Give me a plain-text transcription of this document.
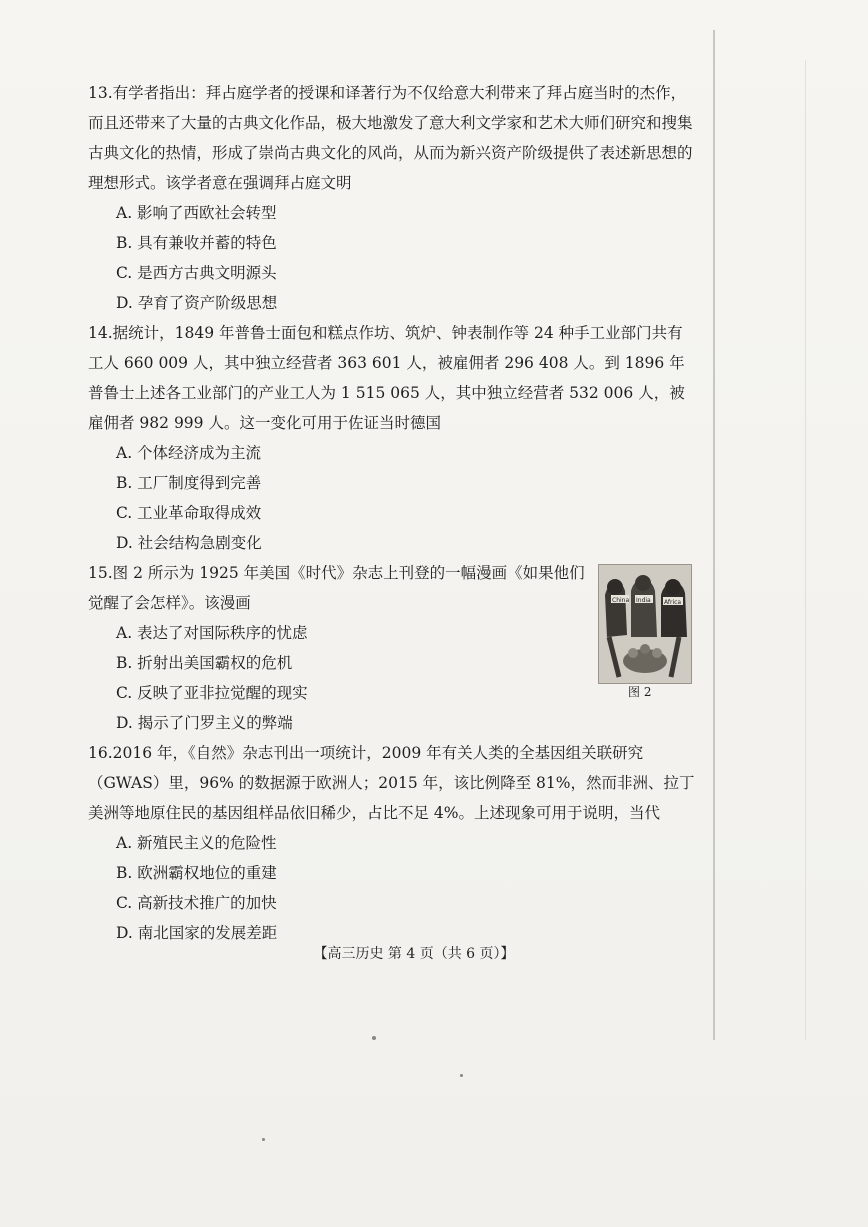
13.有学者指出：拜占庭学者的授课和译著行为不仅给意大利带来了拜占庭当时的杰作，而且还带来了大量的古典文化作品，极大地激发了意大利文学家和艺术大师们研究和搜集古典文化的热情，形成了崇尚古典文化的风尚，从而为新兴资产阶级提供了表述新思想的理想形式。该学者意在强调拜占庭文明

A. 影响了西欧社会转型
B. 具有兼收并蓄的特色
C. 是西方古典文明源头
D. 孕育了资产阶级思想

14.据统计，1849 年普鲁士面包和糕点作坊、筑炉、钟表制作等 24 种手工业部门共有工人 660 009 人，其中独立经营者 363 601 人，被雇佣者 296 408 人。到 1896 年普鲁士上述各工业部门的产业工人为 1 515 065 人，其中独立经营者 532 006 人，被雇佣者 982 999 人。这一变化可用于佐证当时德国

A. 个体经济成为主流
B. 工厂制度得到完善
C. 工业革命取得成效
D. 社会结构急剧变化

15.图 2 所示为 1925 年美国《时代》杂志上刊登的一幅漫画《如果他们觉醒了会怎样》。该漫画

A. 表达了对国际秩序的忧虑
B. 折射出美国霸权的危机
C. 反映了亚非拉觉醒的现实
D. 揭示了门罗主义的弊端
China India Africa
图 2

16.2016 年，《自然》杂志刊出一项统计，2009 年有关人类的全基因组关联研究（GWAS）里，96% 的数据源于欧洲人；2015 年，该比例降至 81%，然而非洲、拉丁美洲等地原住民的基因组样品依旧稀少，占比不足 4%。上述现象可用于说明，当代

A. 新殖民主义的危险性
B. 欧洲霸权地位的重建
C. 高新技术推广的加快
D. 南北国家的发展差距
【高三历史 第 4 页（共 6 页）】
